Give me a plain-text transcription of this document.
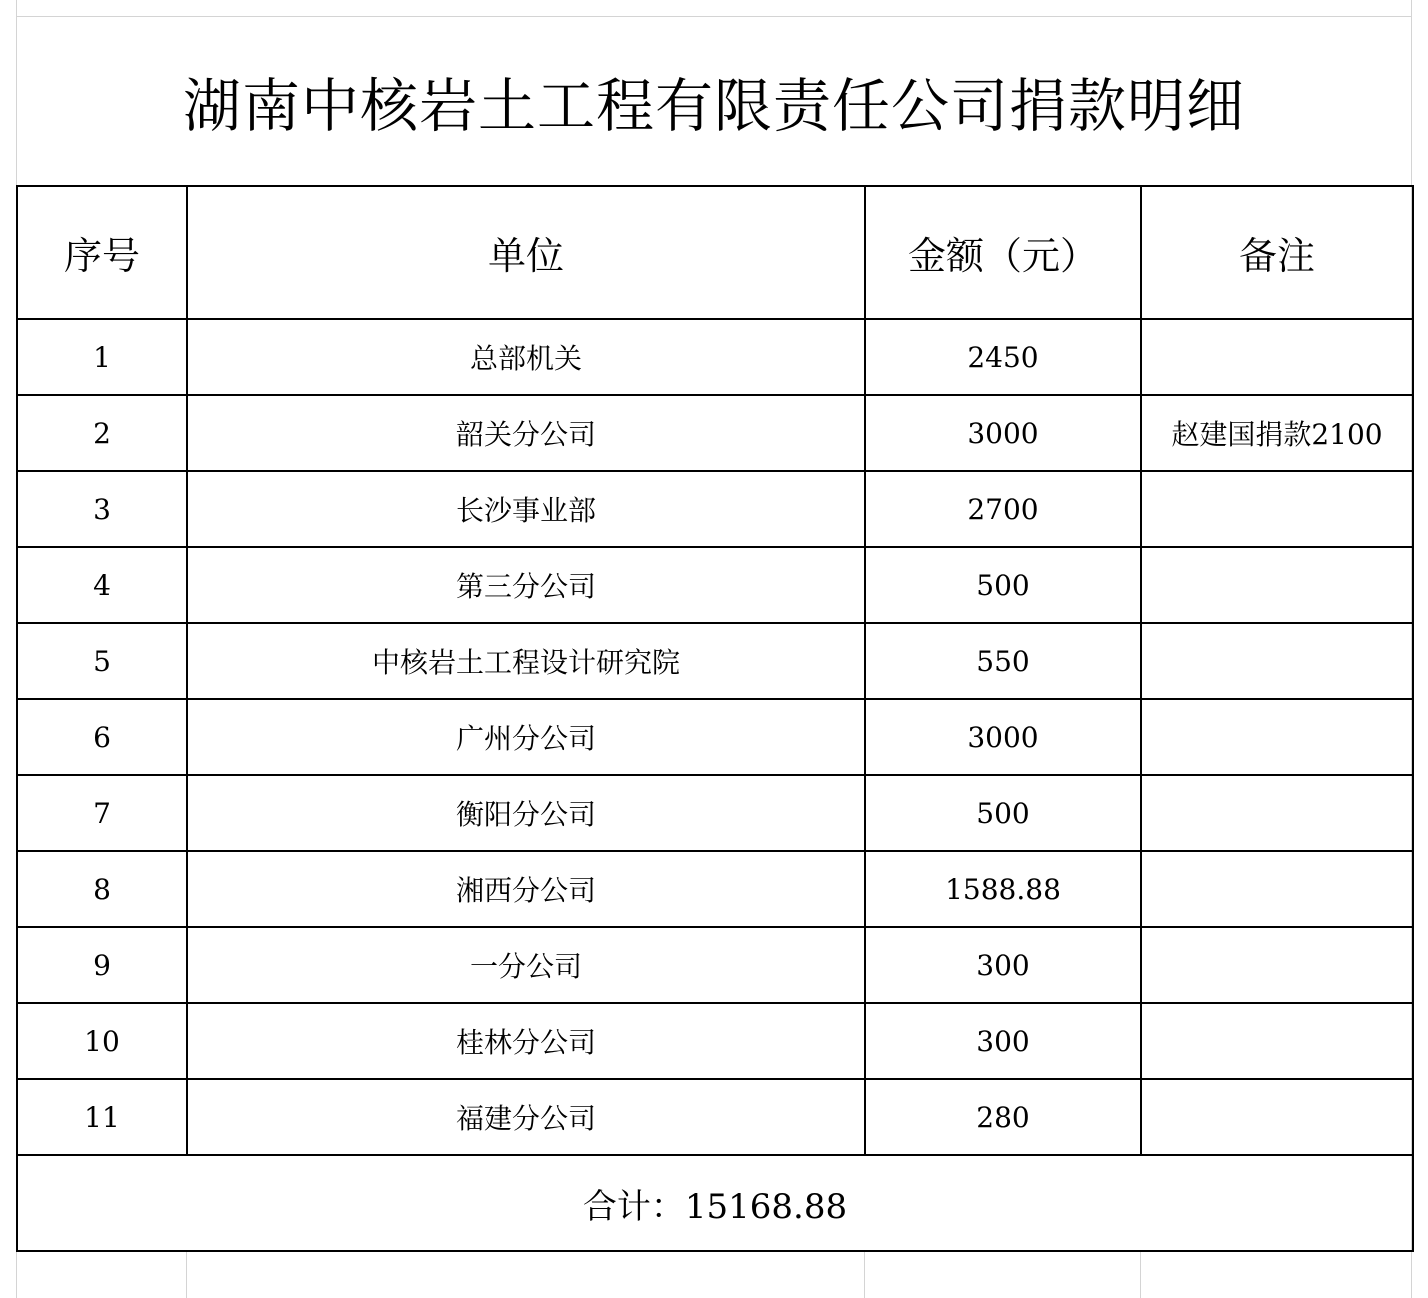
湖南中核岩土工程有限责任公司捐款明细
序号	单位	金额（元）	备注
1	总部机关	2450	
2	韶关分公司	3000	赵建国捐款2100
3	长沙事业部	2700	
4	第三分公司	500	
5	中核岩土工程设计研究院	550	
6	广州分公司	3000	
7	衡阳分公司	500	
8	湘西分公司	1588.88	
9	一分公司	300	
10	桂林分公司	300	
11	福建分公司	280	
合计：15168.88			
